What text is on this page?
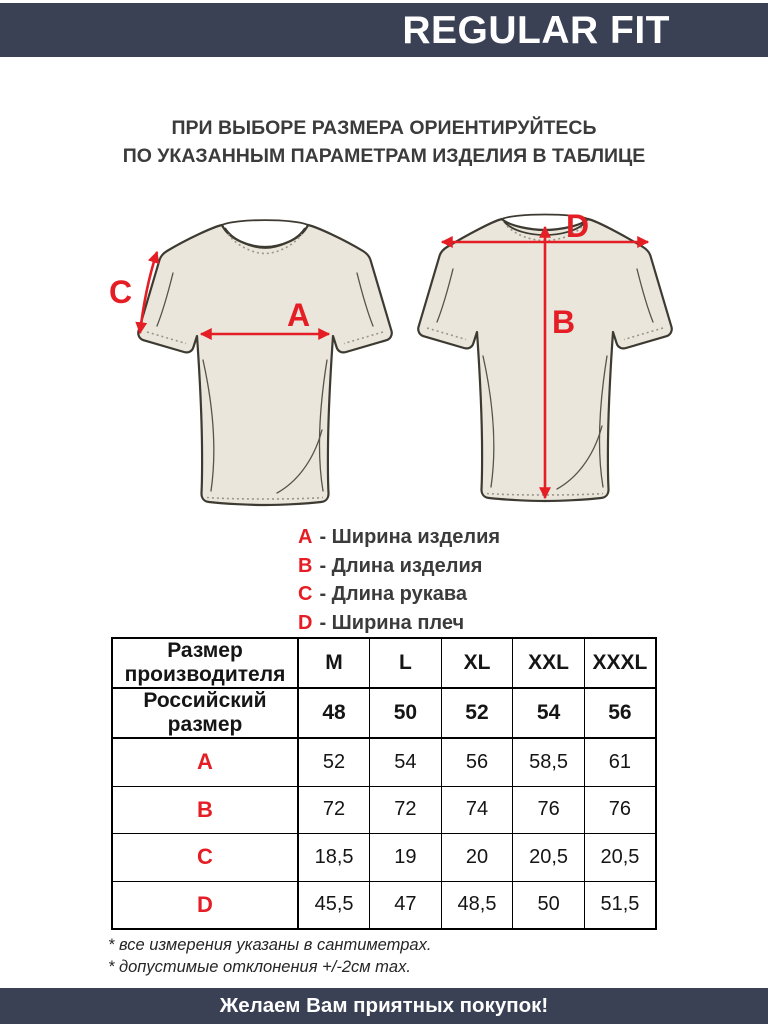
REGULAR FIT
ПРИ ВЫБОРЕ РАЗМЕРА ОРИЕНТИРУЙТЕСЬ
ПО УКАЗАННЫМ ПАРАМЕТРАМ ИЗДЕЛИЯ В ТАБЛИЦЕ
A
C
D
B
A - Ширина изделия
B - Длина изделия
C - Длина рукава
D - Ширина плеч
Размер производителя	M	L	XL	XXL	XXXL
Российский размер	48	50	52	54	56
A	52	54	56	58,5	61
B	72	72	74	76	76
C	18,5	19	20	20,5	20,5
D	45,5	47	48,5	50	51,5
* все измерения указаны в сантиметрах.
* допустимые отклонения +/-2см max.
Желаем Вам приятных покупок!
